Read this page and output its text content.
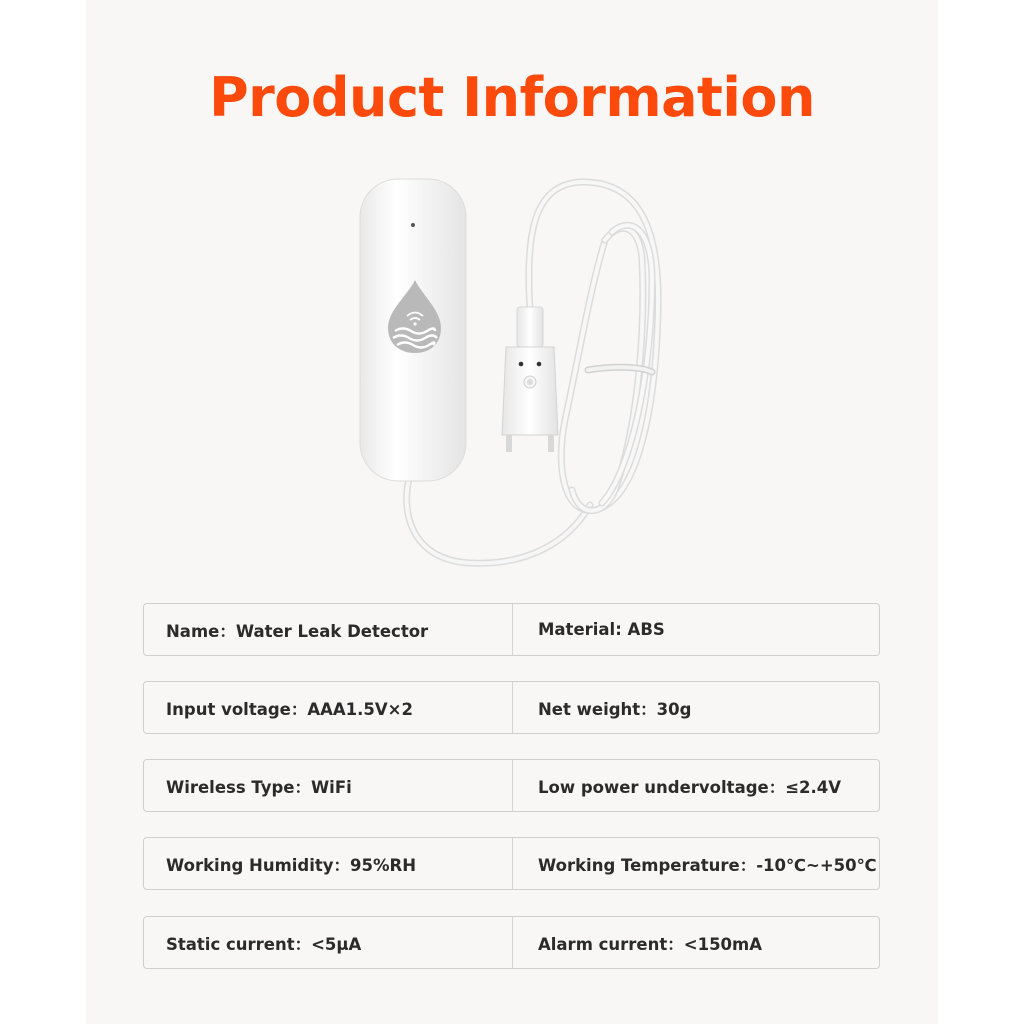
Product Information
Name：Water Leak Detector	Material: ABS
Input voltage：AAA1.5V×2	Net weight：30g
Wireless Type：WiFi	Low power undervoltage：≤2.4V
Working Humidity：95%RH	Working Temperature：-10℃~+50℃
Static current：<5μA	Alarm current：<150mA
